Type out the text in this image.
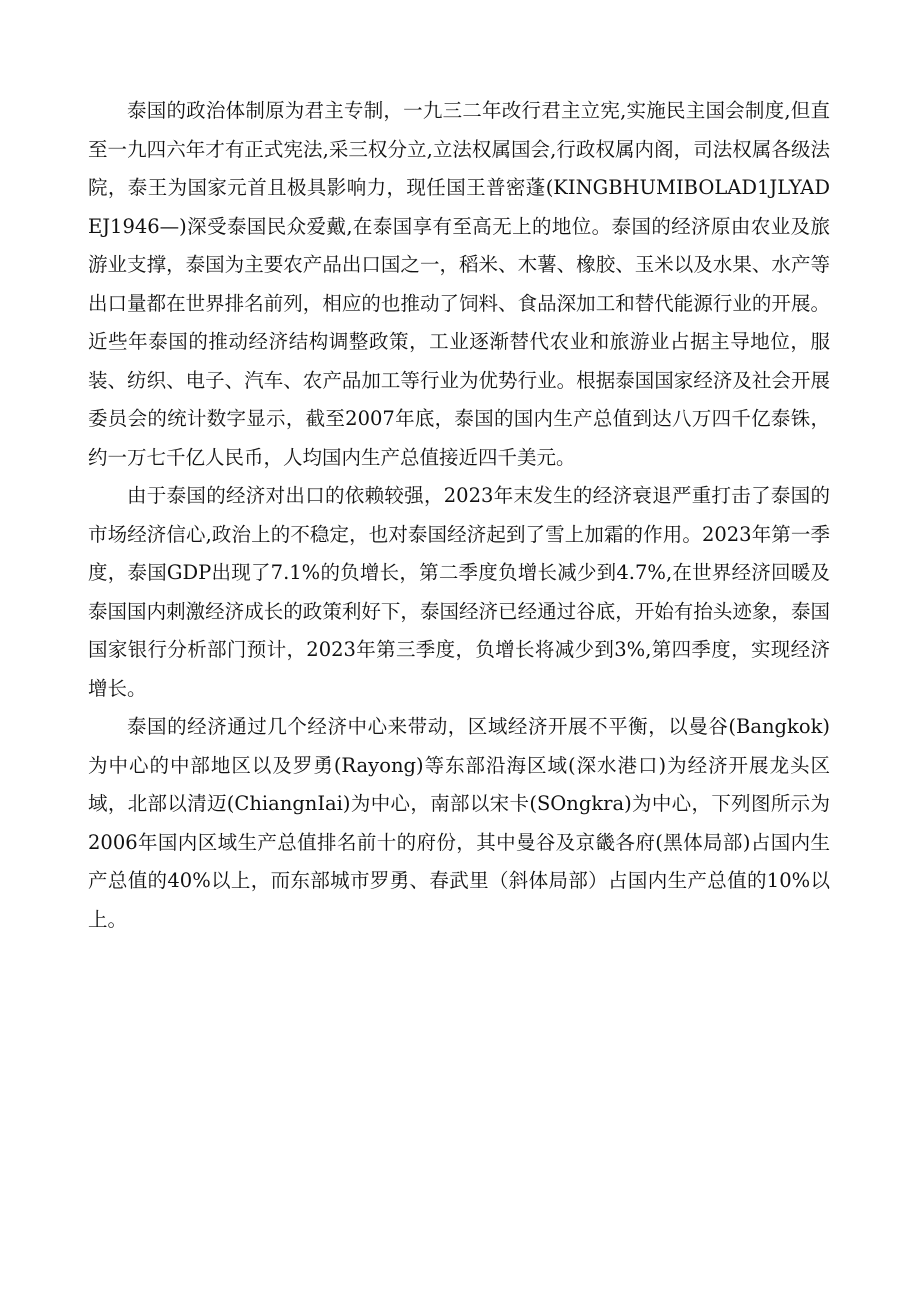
泰国的政治体制原为君主专制，一九三二年改行君主立宪,实施民主国会制度,但直至一九四六年才有正式宪法,采三权分立,立法权属国会,行政权属内阁，司法权属各级法院，泰王为国家元首且极具影响力，现任国王普密蓬(KINGBHUMIBOLAD1JLYADEJ1946—)深受泰国民众爱戴,在泰国享有至高无上的地位。泰国的经济原由农业及旅游业支撑，泰国为主要农产品出口国之一，稻米、木薯、橡胶、玉米以及水果、水产等出口量都在世界排名前列，相应的也推动了饲料、食品深加工和替代能源行业的开展。近些年泰国的推动经济结构调整政策，工业逐渐替代农业和旅游业占据主导地位，服装、纺织、电子、汽车、农产品加工等行业为优势行业。根据泰国国家经济及社会开展委员会的统计数字显示，截至2007年底，泰国的国内生产总值到达八万四千亿泰铢，约一万七千亿人民币，人均国内生产总值接近四千美元。

由于泰国的经济对出口的依赖较强，2023年末发生的经济衰退严重打击了泰国的市场经济信心,政治上的不稳定，也对泰国经济起到了雪上加霜的作用。2023年第一季度，泰国GDP出现了7.1%的负增长，第二季度负增长减少到4.7%,在世界经济回暖及泰国国内刺激经济成长的政策利好下，泰国经济已经通过谷底，开始有抬头迹象，泰国国家银行分析部门预计，2023年第三季度，负增长将减少到3%,第四季度，实现经济增长。

泰国的经济通过几个经济中心来带动，区域经济开展不平衡，以曼谷(Bangkok)为中心的中部地区以及罗勇(Rayong)等东部沿海区域(深水港口)为经济开展龙头区域，北部以清迈(ChiangnIai)为中心，南部以宋卡(SOngkra)为中心，下列图所示为2006年国内区域生产总值排名前十的府份，其中曼谷及京畿各府(黑体局部)占国内生产总值的40%以上，而东部城市罗勇、春武里（斜体局部）占国内生产总值的10%以上。
